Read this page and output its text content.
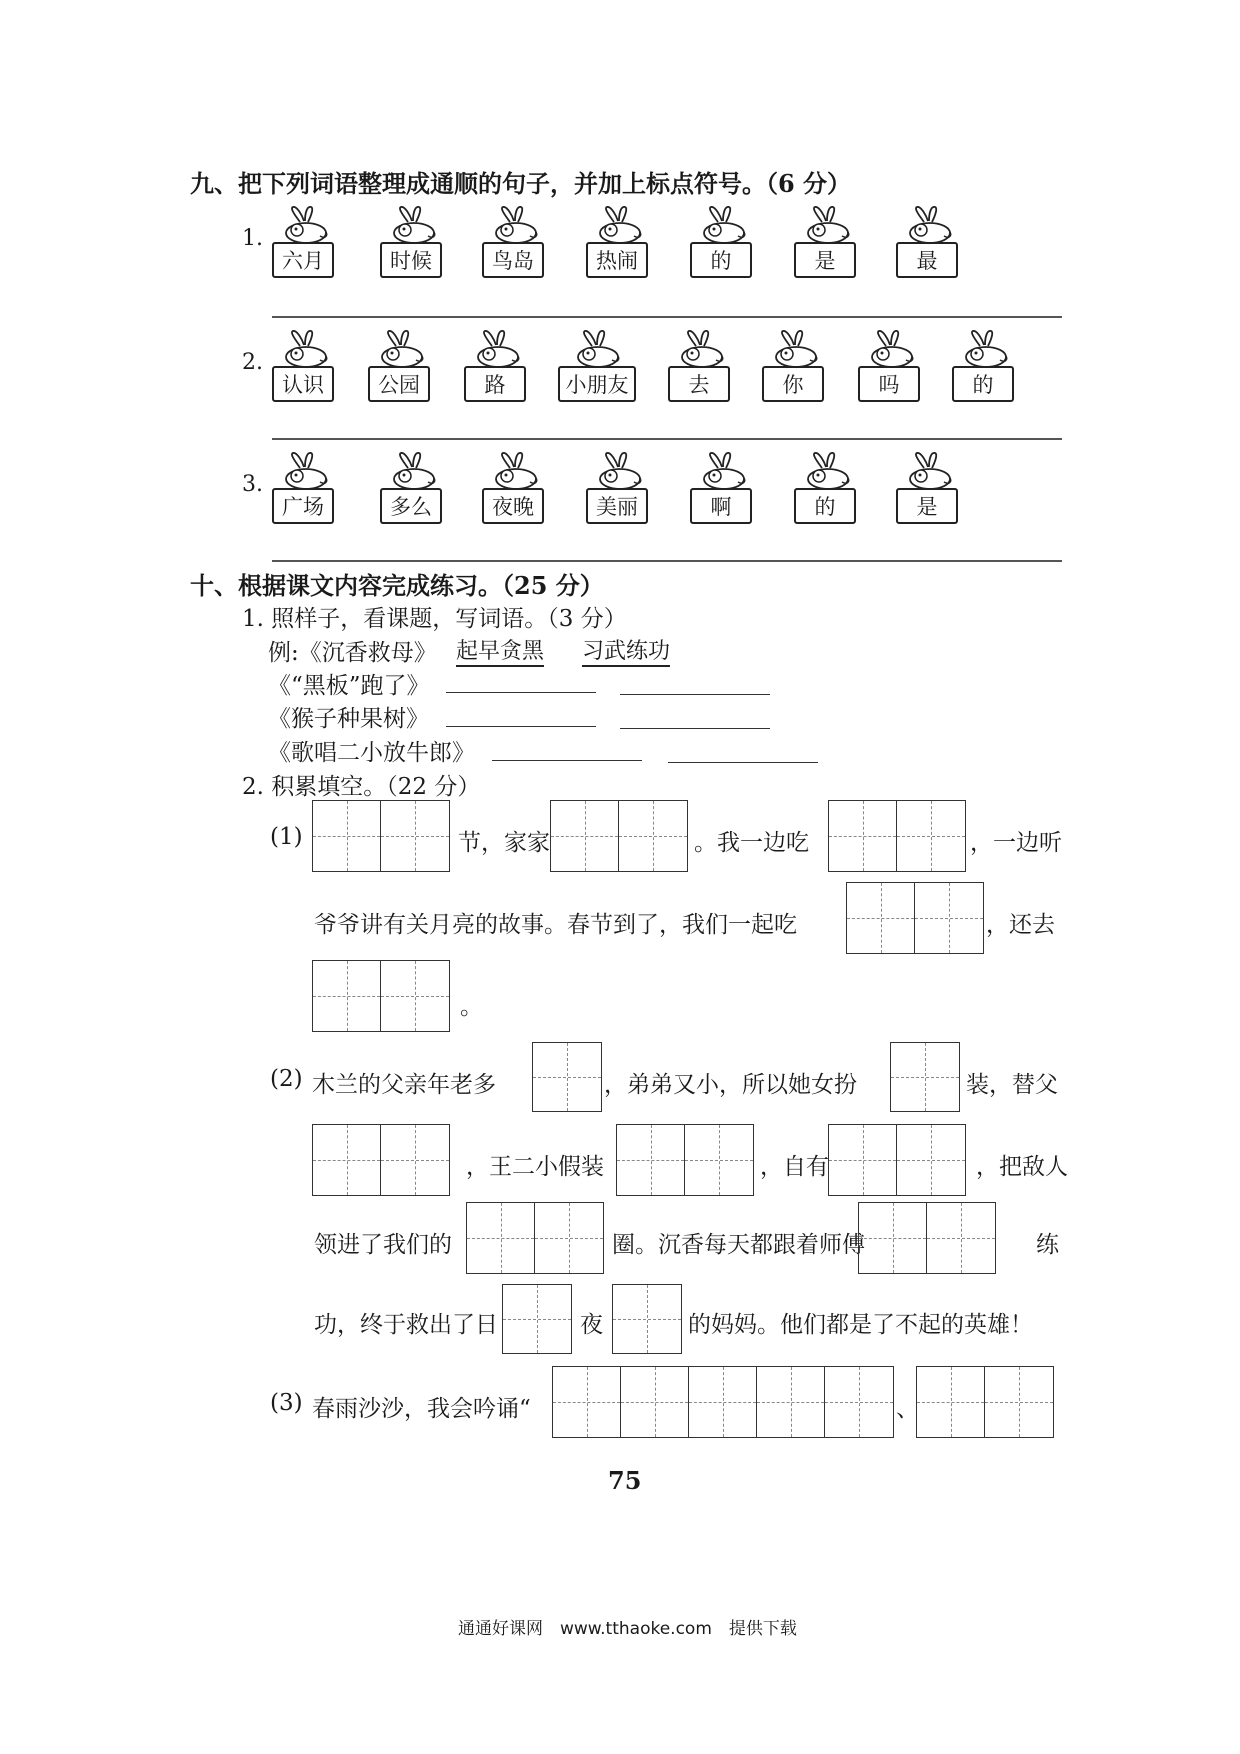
九、把下列词语整理成通顺的句子，并加上标点符号。（6 分）
1.
六月	时候	鸟岛	热闹	的	是	最
2.
认识	公园	路	小朋友	去	你	吗	的
3.
广场	多么	夜晚	美丽	啊	的	是
十、根据课文内容完成练习。（25 分）
1. 照样子，看课题，写词语。（3 分）
例:《沉香救母》 起早贪黑 习武练功
《“黑板”跑了》
《猴子种果树》
《歌唱二小放牛郎》
2. 积累填空。（22 分）
(1)	节，家家	。我一边吃	，一边听
爷爷讲有关月亮的故事。春节到了，我们一起吃	，还去
。
(2) 木兰的父亲年老多	，弟弟又小，所以她女扮	装，替父
，王二小假装	，自有	，把敌人
领进了我们的	圈。沉香每天都跟着师傅	练
功，终于救出了日	夜	的妈妈。他们都是了不起的英雄！
(3) 春雨沙沙，我会吟诵“	、
75
通通好课网　www.tthaoke.com　提供下载
